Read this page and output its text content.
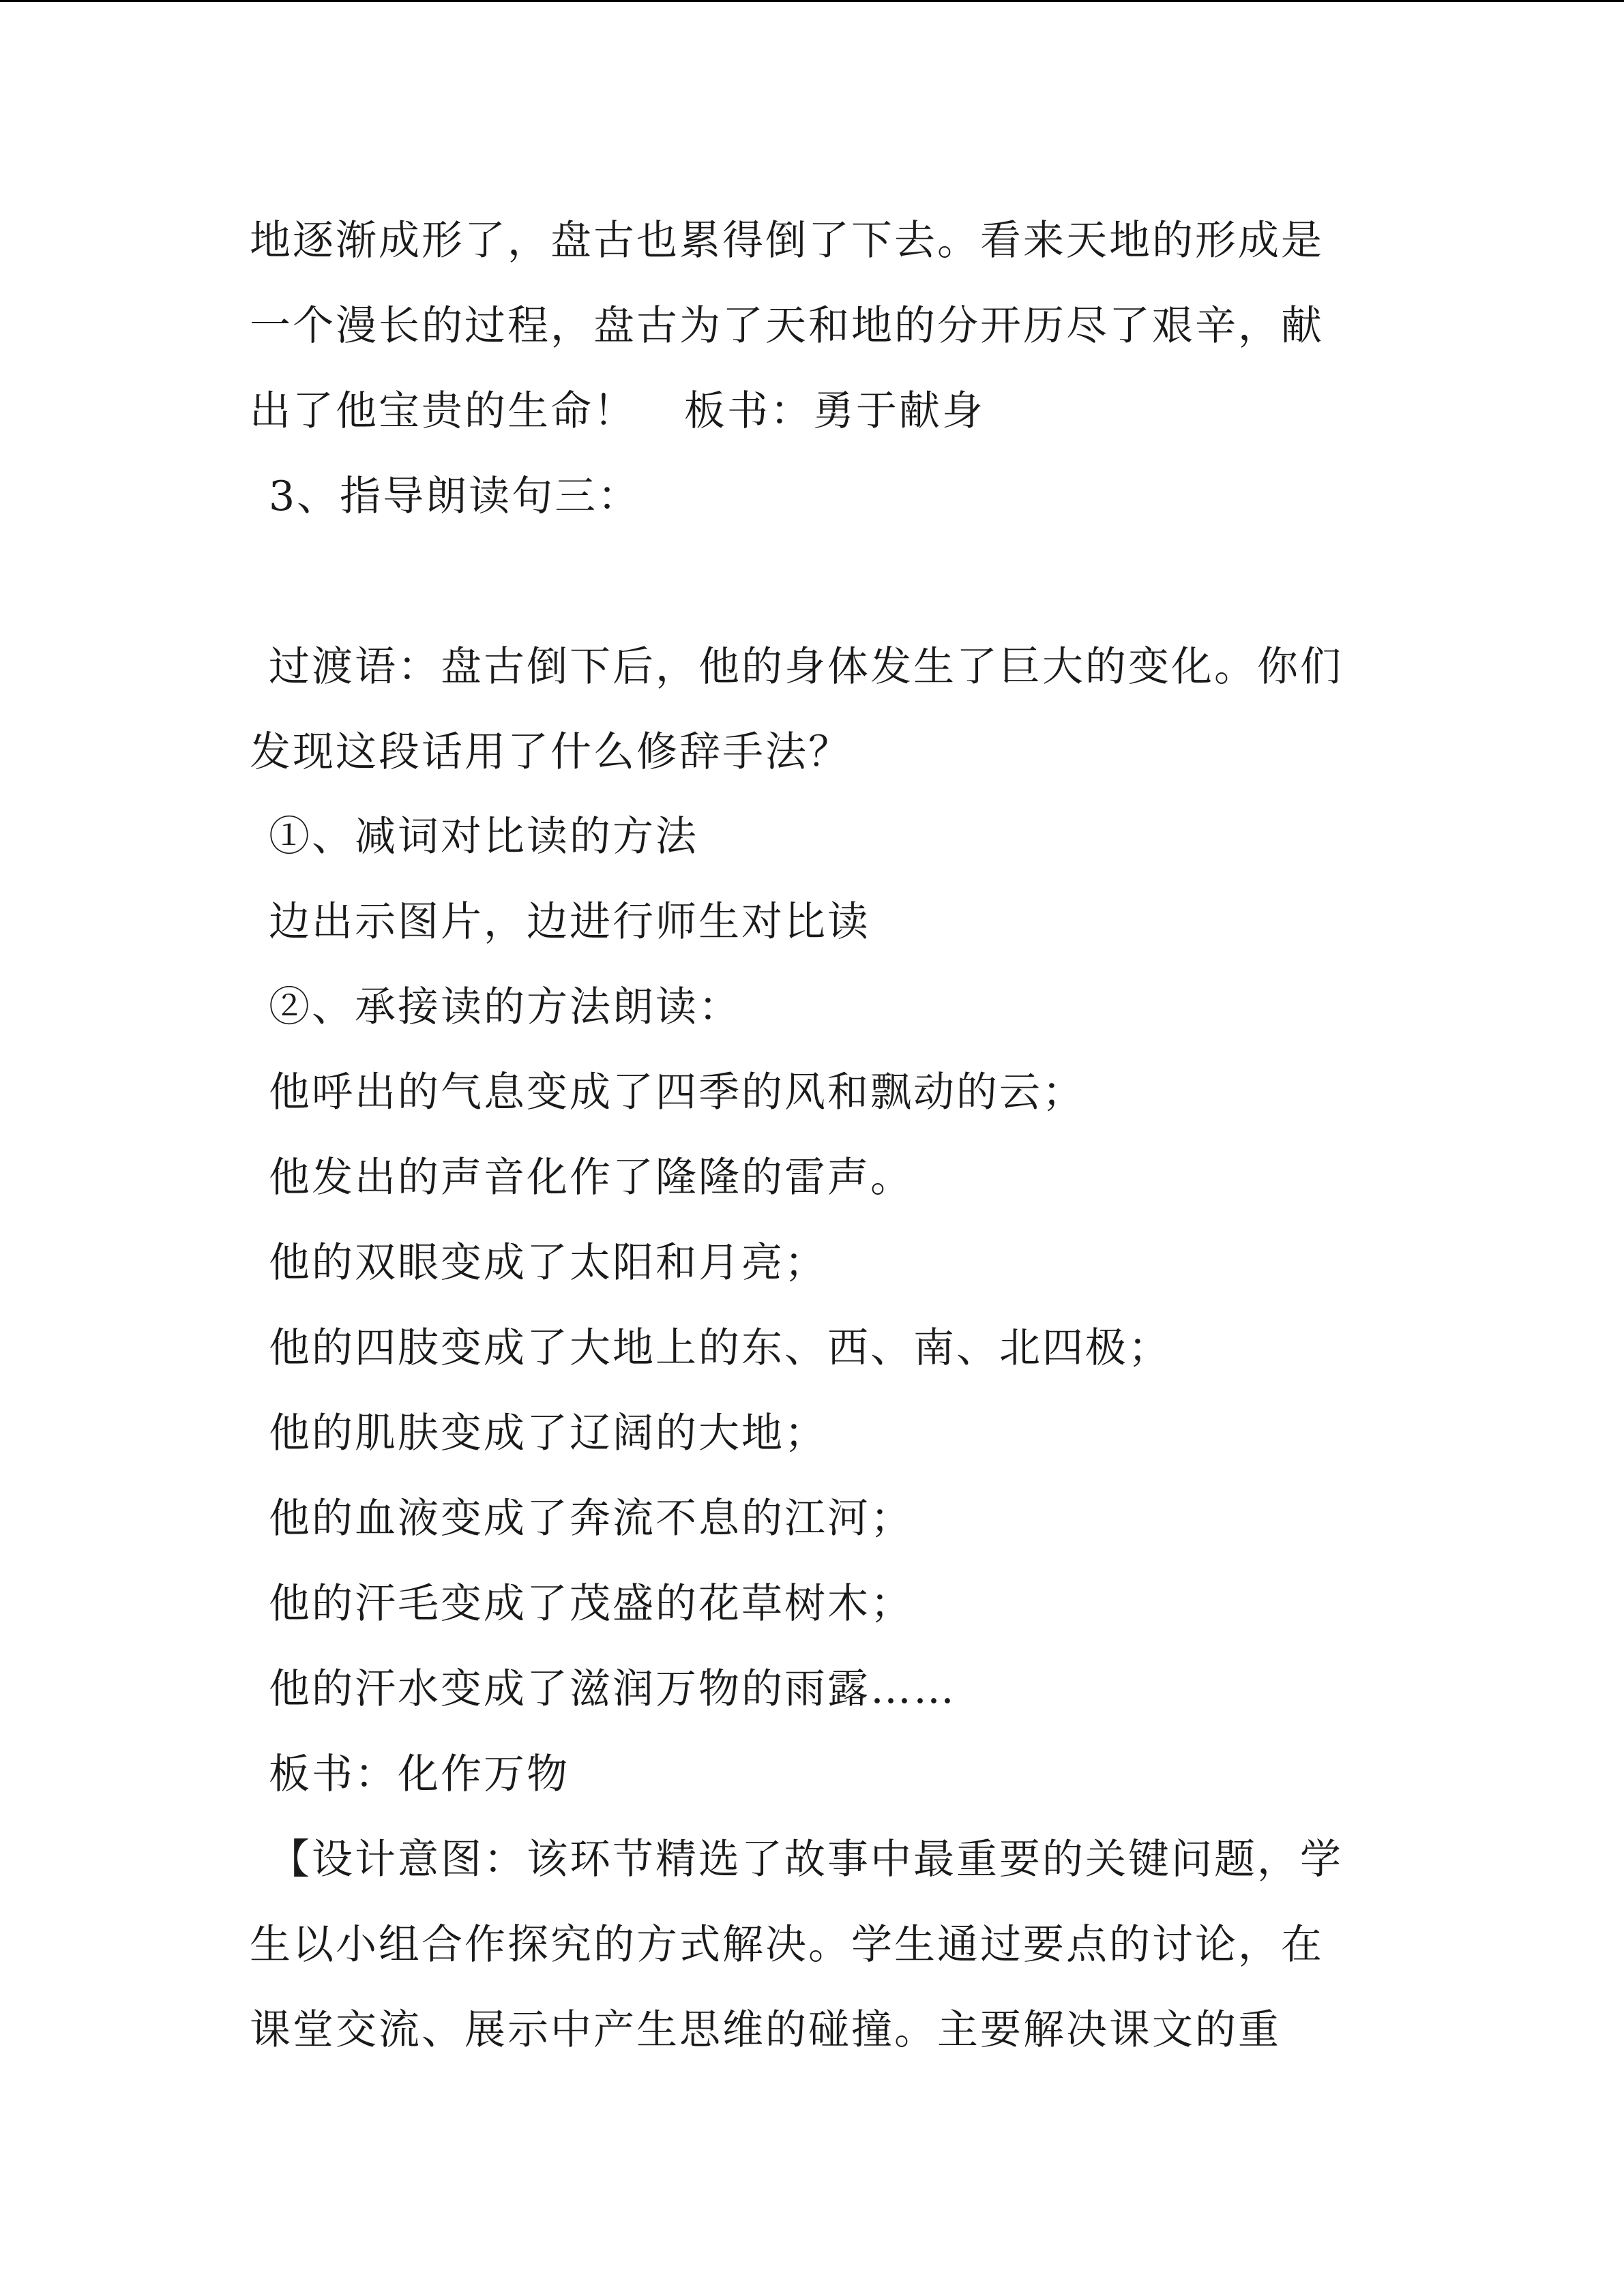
地逐渐成形了，盘古也累得倒了下去。看来天地的形成是
一个漫长的过程，盘古为了天和地的分开历尽了艰辛，献
出了他宝贵的生命！ 板书：勇于献身
3、指导朗读句三：
过渡语：盘古倒下后，他的身体发生了巨大的变化。你们
发现这段话用了什么修辞手法？
①、减词对比读的方法
边出示图片，边进行师生对比读
②、承接读的方法朗读：
他呼出的气息变成了四季的风和飘动的云；
他发出的声音化作了隆隆的雷声。
他的双眼变成了太阳和月亮；
他的四肢变成了大地上的东、西、南、北四极；
他的肌肤变成了辽阔的大地；
他的血液变成了奔流不息的江河；
他的汗毛变成了茂盛的花草树木；
他的汗水变成了滋润万物的雨露……
板书：化作万物
【设计意图：该环节精选了故事中最重要的关键问题，学
生以小组合作探究的方式解决。学生通过要点的讨论，在
课堂交流、展示中产生思维的碰撞。主要解决课文的重
